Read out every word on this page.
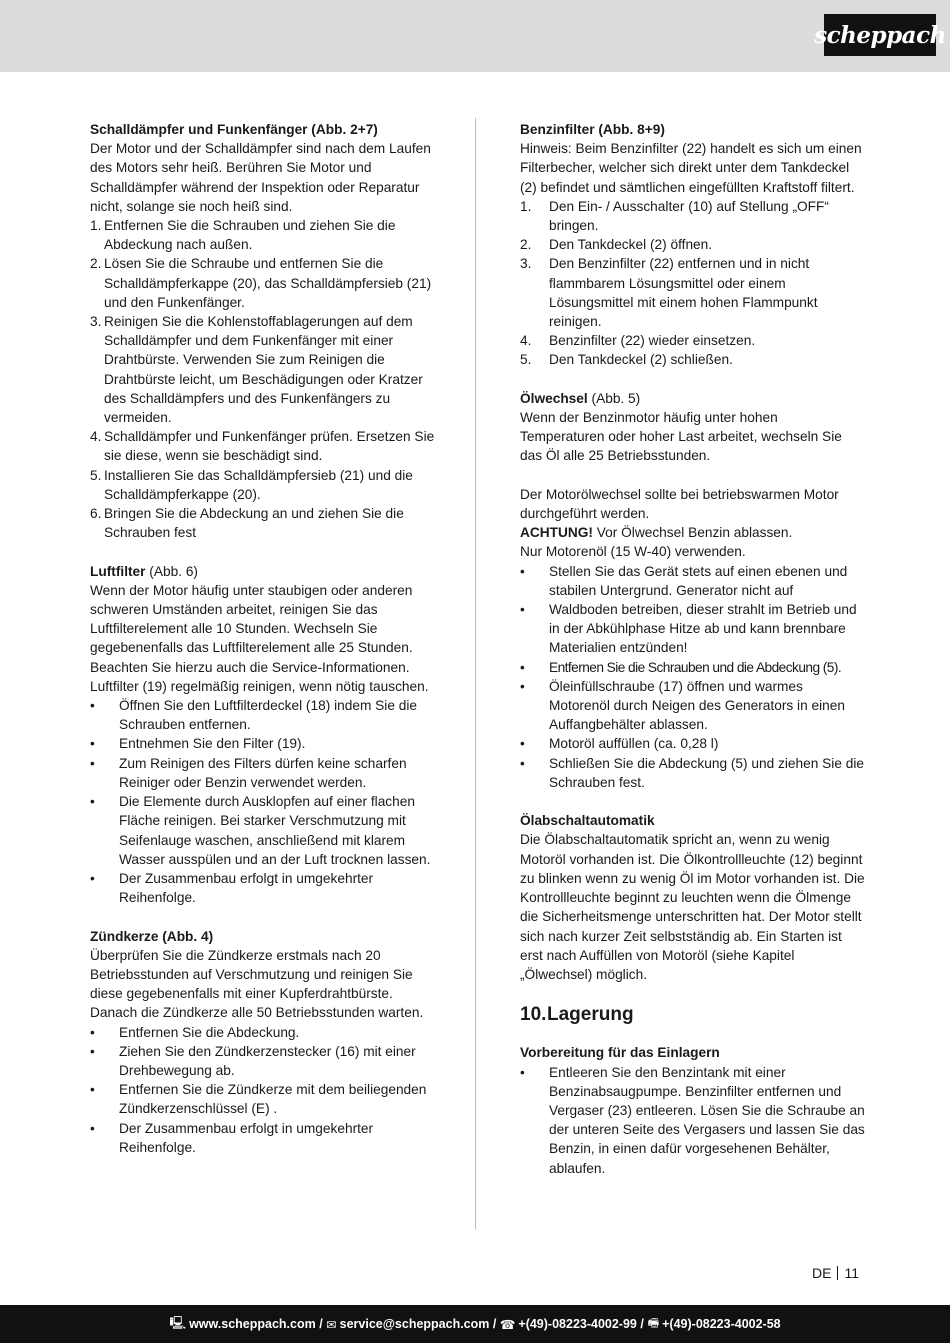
scheppach

Schalldämpfer und Funkenfänger (Abb. 2+7)

Der Motor und der Schalldämpfer sind nach dem Laufen des Motors sehr heiß. Berühren Sie Motor und Schalldämpfer während der Inspektion oder Reparatur nicht, solange sie noch heiß sind.

1. Entfernen Sie die Schrauben und ziehen Sie die Abdeckung nach außen.
2. Lösen Sie die Schraube und entfernen Sie die Schalldämpferkappe (20), das Schalldämpfersieb (21) und den Funkenfänger.
3. Reinigen Sie die Kohlenstoffablagerungen auf dem Schalldämpfer und dem Funkenfänger mit einer Drahtbürste. Verwenden Sie zum Reinigen die Drahtbürste leicht, um Beschädigungen oder Kratzer des Schalldämpfers und des Funkenfängers zu vermeiden.
4. Schalldämpfer und Funkenfänger prüfen. Ersetzen Sie sie diese, wenn sie beschädigt sind.
5. Installieren Sie das Schalldämpfersieb (21) und die Schalldämpferkappe (20).
6. Bringen Sie die Abdeckung an und ziehen Sie die Schrauben fest

Luftfilter (Abb. 6)

Wenn der Motor häufig unter staubigen oder anderen schweren Umständen arbeitet, reinigen Sie das Luftfilterelement alle 10 Stunden. Wechseln Sie gegebenenfalls das Luftfilterelement alle 25 Stunden. Beachten Sie hierzu auch die Service-Informationen. Luftfilter (19) regelmäßig reinigen, wenn nötig tauschen.

• Öffnen Sie den Luftfilterdeckel (18) indem Sie die Schrauben entfernen.
• Entnehmen Sie den Filter (19).
• Zum Reinigen des Filters dürfen keine scharfen Reiniger oder Benzin verwendet werden.
• Die Elemente durch Ausklopfen auf einer flachen Fläche reinigen. Bei starker Verschmutzung mit Seifenlauge waschen, anschließend mit klarem Wasser ausspülen und an der Luft trocknen lassen.
• Der Zusammenbau erfolgt in umgekehrter Reihenfolge.

Zündkerze (Abb. 4)

Überprüfen Sie die Zündkerze erstmals nach 20 Betriebsstunden auf Verschmutzung und reinigen Sie diese gegebenenfalls mit einer Kupferdrahtbürste. Danach die Zündkerze alle 50 Betriebsstunden warten.

• Entfernen Sie die Abdeckung.
• Ziehen Sie den Zündkerzenstecker (16) mit einer Drehbewegung ab.
• Entfernen Sie die Zündkerze mit dem beiliegenden Zündkerzenschlüssel (E) .
• Der Zusammenbau erfolgt in umgekehrter Reihenfolge.

Benzinfilter (Abb. 8+9)

Hinweis: Beim Benzinfilter (22) handelt es sich um einen Filterbecher, welcher sich direkt unter dem Tankdeckel (2) befindet und sämtlichen eingefüllten Kraftstoff filtert.

1. Den Ein- / Ausschalter (10) auf Stellung „OFF“ bringen.
2. Den Tankdeckel (2) öffnen.
3. Den Benzinfilter (22) entfernen und in nicht flammbarem Lösungsmittel oder einem Lösungsmittel mit einem hohen Flammpunkt reinigen.
4. Benzinfilter (22) wieder einsetzen.
5. Den Tankdeckel (2) schließen.

Ölwechsel (Abb. 5)

Wenn der Benzinmotor häufig unter hohen Temperaturen oder hoher Last arbeitet, wechseln Sie das Öl alle 25 Betriebsstunden.

Der Motorölwechsel sollte bei betriebswarmen Motor durchgeführt werden.

ACHTUNG! Vor Ölwechsel Benzin ablassen.

Nur Motorenöl (15 W-40) verwenden.

• Stellen Sie das Gerät stets auf einen ebenen und stabilen Untergrund. Generator nicht auf
• Waldboden betreiben, dieser strahlt im Betrieb und in der Abkühlphase Hitze ab und kann brennbare Materialien entzünden!
• Entfernen Sie die Schrauben und die Abdeckung (5).
• Öleinfüllschraube (17) öffnen und warmes Motorenöl durch Neigen des Generators in einen Auffangbehälter ablassen.
• Motoröl auffüllen (ca. 0,28 l)
• Schließen Sie die Abdeckung (5) und ziehen Sie die Schrauben fest.

Ölabschaltautomatik

Die Ölabschaltautomatik spricht an, wenn zu wenig Motoröl vorhanden ist. Die Ölkontrollleuchte (12) beginnt zu blinken wenn zu wenig Öl im Motor vorhanden ist. Die Kontrollleuchte beginnt zu leuchten wenn die Ölmenge die Sicherheitsmenge unterschritten hat. Der Motor stellt sich nach kurzer Zeit selbstständig ab. Ein Starten ist erst nach Auffüllen von Motoröl (siehe Kapitel „Ölwechsel) möglich.

10.Lagerung

Vorbereitung für das Einlagern

• Entleeren Sie den Benzintank mit einer Benzinabsaugpumpe. Benzinfilter entfernen und Vergaser (23) entleeren. Lösen Sie die Schraube an der unteren Seite des Vergasers und lassen Sie das Benzin, in einen dafür vorgesehenen Behälter, ablaufen.
DE 11
🖳 www.scheppach.com / ✉ service@scheppach.com / ☎ +(49)-08223-4002-99 / 🖷 +(49)-08223-4002-58
